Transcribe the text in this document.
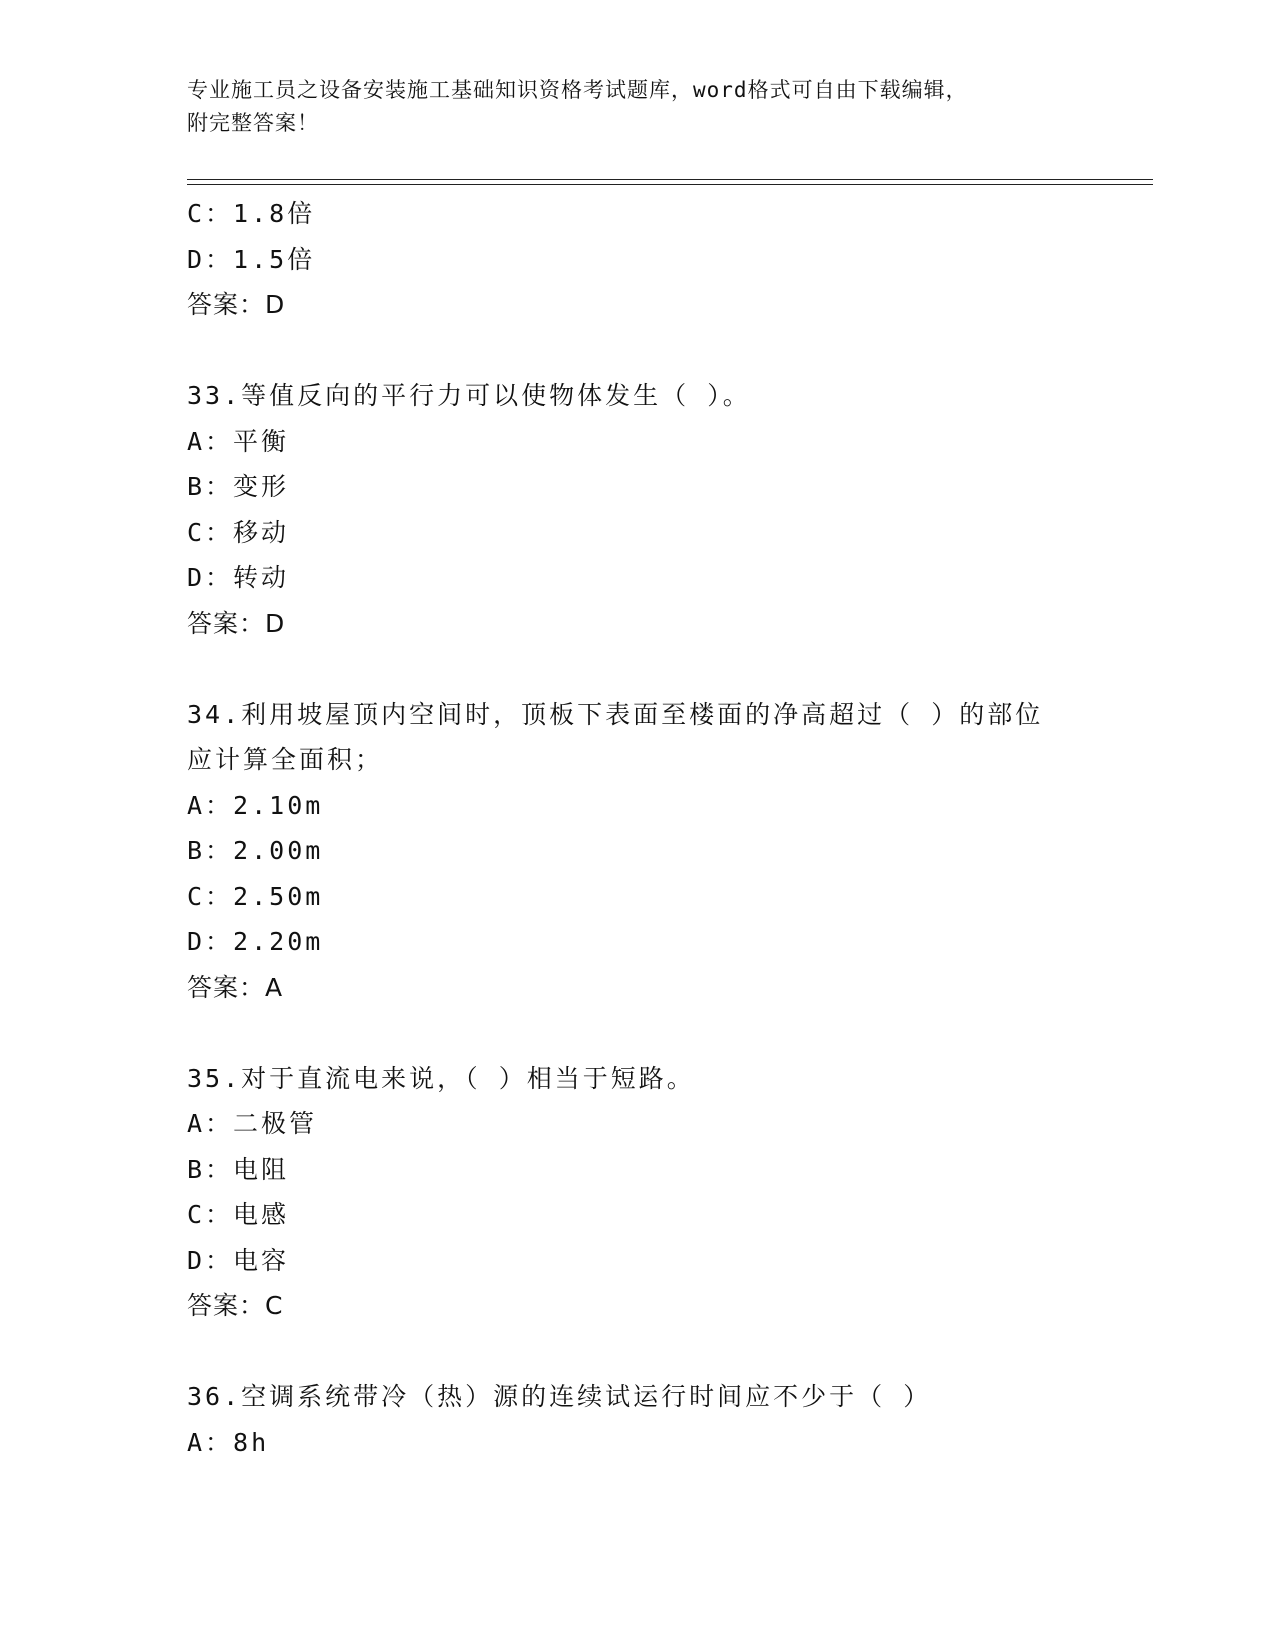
专业施工员之设备安装施工基础知识资格考试题库，word格式可自由下载编辑，
附完整答案！
C：1.8倍
D：1.5倍
答案：D
33.等值反向的平行力可以使物体发生（ ）。
A：平衡
B：变形
C：移动
D：转动
答案：D
34.利用坡屋顶内空间时，顶板下表面至楼面的净高超过（ ）的部位
应计算全面积；
A：2.10m
B：2.00m
C：2.50m
D：2.20m
答案：A
35.对于直流电来说，（ ）相当于短路。
A：二极管
B：电阻
C：电感
D：电容
答案：C
36.空调系统带冷（热）源的连续试运行时间应不少于（ ）
A：8h
